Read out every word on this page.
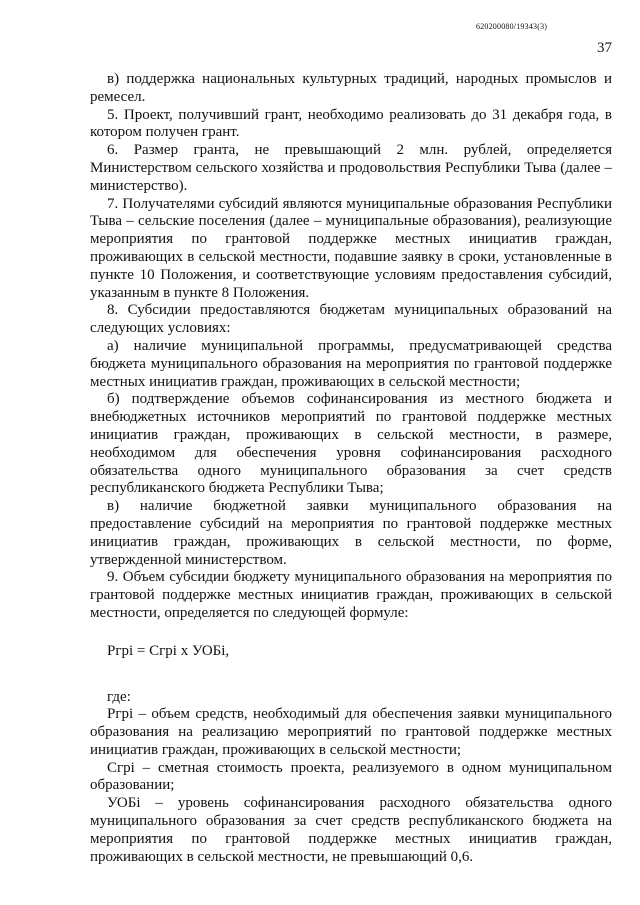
620200080/19343(3)
37

в) поддержка национальных культурных традиций, народных промыслов и ремесел.

5. Проект, получивший грант, необходимо реализовать до 31 декабря года, в котором получен грант.

6. Размер гранта, не превышающий 2 млн. рублей, определяется Министерством сельского хозяйства и продовольствия Республики Тыва (далее – министерство).

7. Получателями субсидий являются муниципальные образования Республики Тыва – сельские поселения (далее – муниципальные образования), реализующие мероприятия по грантовой поддержке местных инициатив граждан, проживающих в сельской местности, подавшие заявку в сроки, установленные в пункте 10 Положения, и соответствующие условиям предоставления субсидий, указанным в пункте 8 Положения.

8. Субсидии предоставляются бюджетам муниципальных образований на следующих условиях:

а) наличие муниципальной программы, предусматривающей средства бюджета муниципального образования на мероприятия по грантовой поддержке местных инициатив граждан, проживающих в сельской местности;

б) подтверждение объемов софинансирования из местного бюджета и внебюджетных источников мероприятий по грантовой поддержке местных инициатив граждан, проживающих в сельской местности, в размере, необходимом для обеспечения уровня софинансирования расходного обязательства одного муниципального образования за счет средств республиканского бюджета Республики Тыва;

в) наличие бюджетной заявки муниципального образования на предоставление субсидий на мероприятия по грантовой поддержке местных инициатив граждан, проживающих в сельской местности, по форме, утвержденной министерством.

9. Объем субсидии бюджету муниципального образования на мероприятия по грантовой поддержке местных инициатив граждан, проживающих в сельской местности, определяется по следующей формуле:

Ргрi = Сгрi х УОБi,

где:

Ргрi – объем средств, необходимый для обеспечения заявки муниципального образования на реализацию мероприятий по грантовой поддержке местных инициатив граждан, проживающих в сельской местности;

Сгрi – сметная стоимость проекта, реализуемого в одном муниципальном образовании;

УОБi – уровень софинансирования расходного обязательства одного муниципального образования за счет средств республиканского бюджета на мероприятия по грантовой поддержке местных инициатив граждан, проживающих в сельской местности, не превышающий 0,6.
